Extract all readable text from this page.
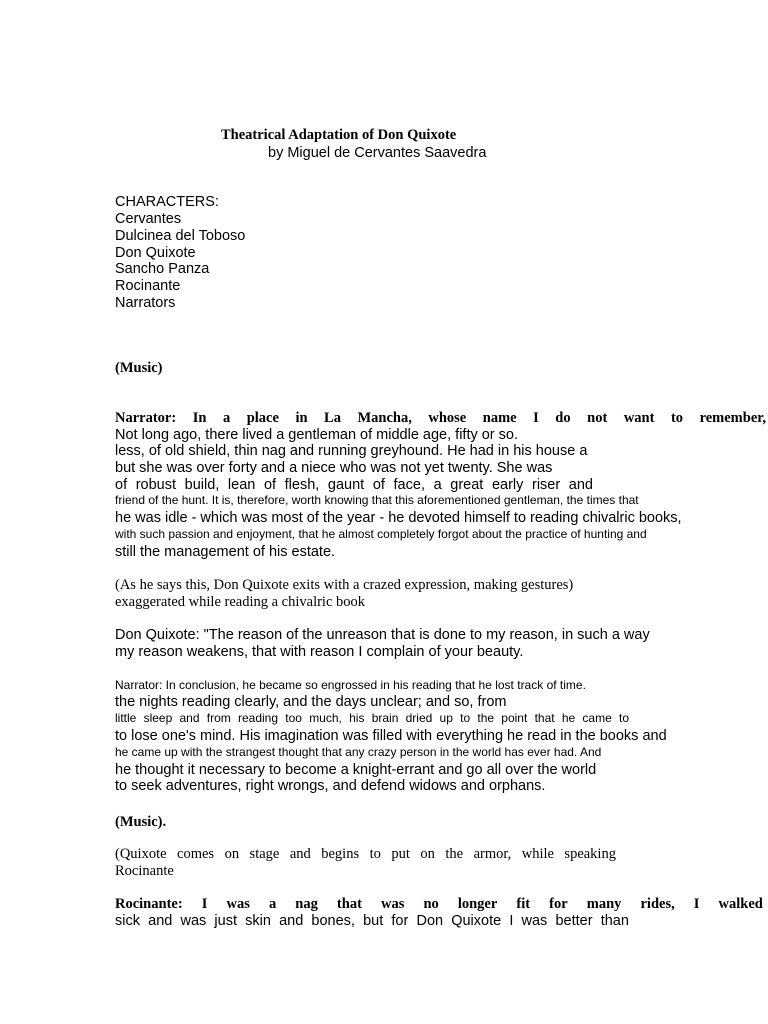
Theatrical Adaptation of Don Quixote
by Miguel de Cervantes Saavedra
CHARACTERS:
Cervantes
Dulcinea del Toboso
Don Quixote
Sancho Panza
Rocinante
Narrators
(Music)
Narrator: In a place in La Mancha, whose name I do not want to remember,
Not long ago, there lived a gentleman of middle age, fifty or so.
less, of old shield, thin nag and running greyhound. He had in his house a
but she was over forty and a niece who was not yet twenty. She was
of robust build, lean of flesh, gaunt of face, a great early riser and
friend of the hunt. It is, therefore, worth knowing that this aforementioned gentleman, the times that
he was idle - which was most of the year - he devoted himself to reading chivalric books,
with such passion and enjoyment, that he almost completely forgot about the practice of hunting and
still the management of his estate.
(As he says this, Don Quixote exits with a crazed expression, making gestures)
exaggerated while reading a chivalric book
Don Quixote: "The reason of the unreason that is done to my reason, in such a way
my reason weakens, that with reason I complain of your beauty.
Narrator: In conclusion, he became so engrossed in his reading that he lost track of time.
the nights reading clearly, and the days unclear; and so, from
little sleep and from reading too much, his brain dried up to the point that he came to
to lose one's mind. His imagination was filled with everything he read in the books and
he came up with the strangest thought that any crazy person in the world has ever had. And
he thought it necessary to become a knight-errant and go all over the world
to seek adventures, right wrongs, and defend widows and orphans.
(Music).
(Quixote comes on stage and begins to put on the armor, while speaking
Rocinante
Rocinante: I was a nag that was no longer fit for many rides, I walked
sick and was just skin and bones, but for Don Quixote I was better than
